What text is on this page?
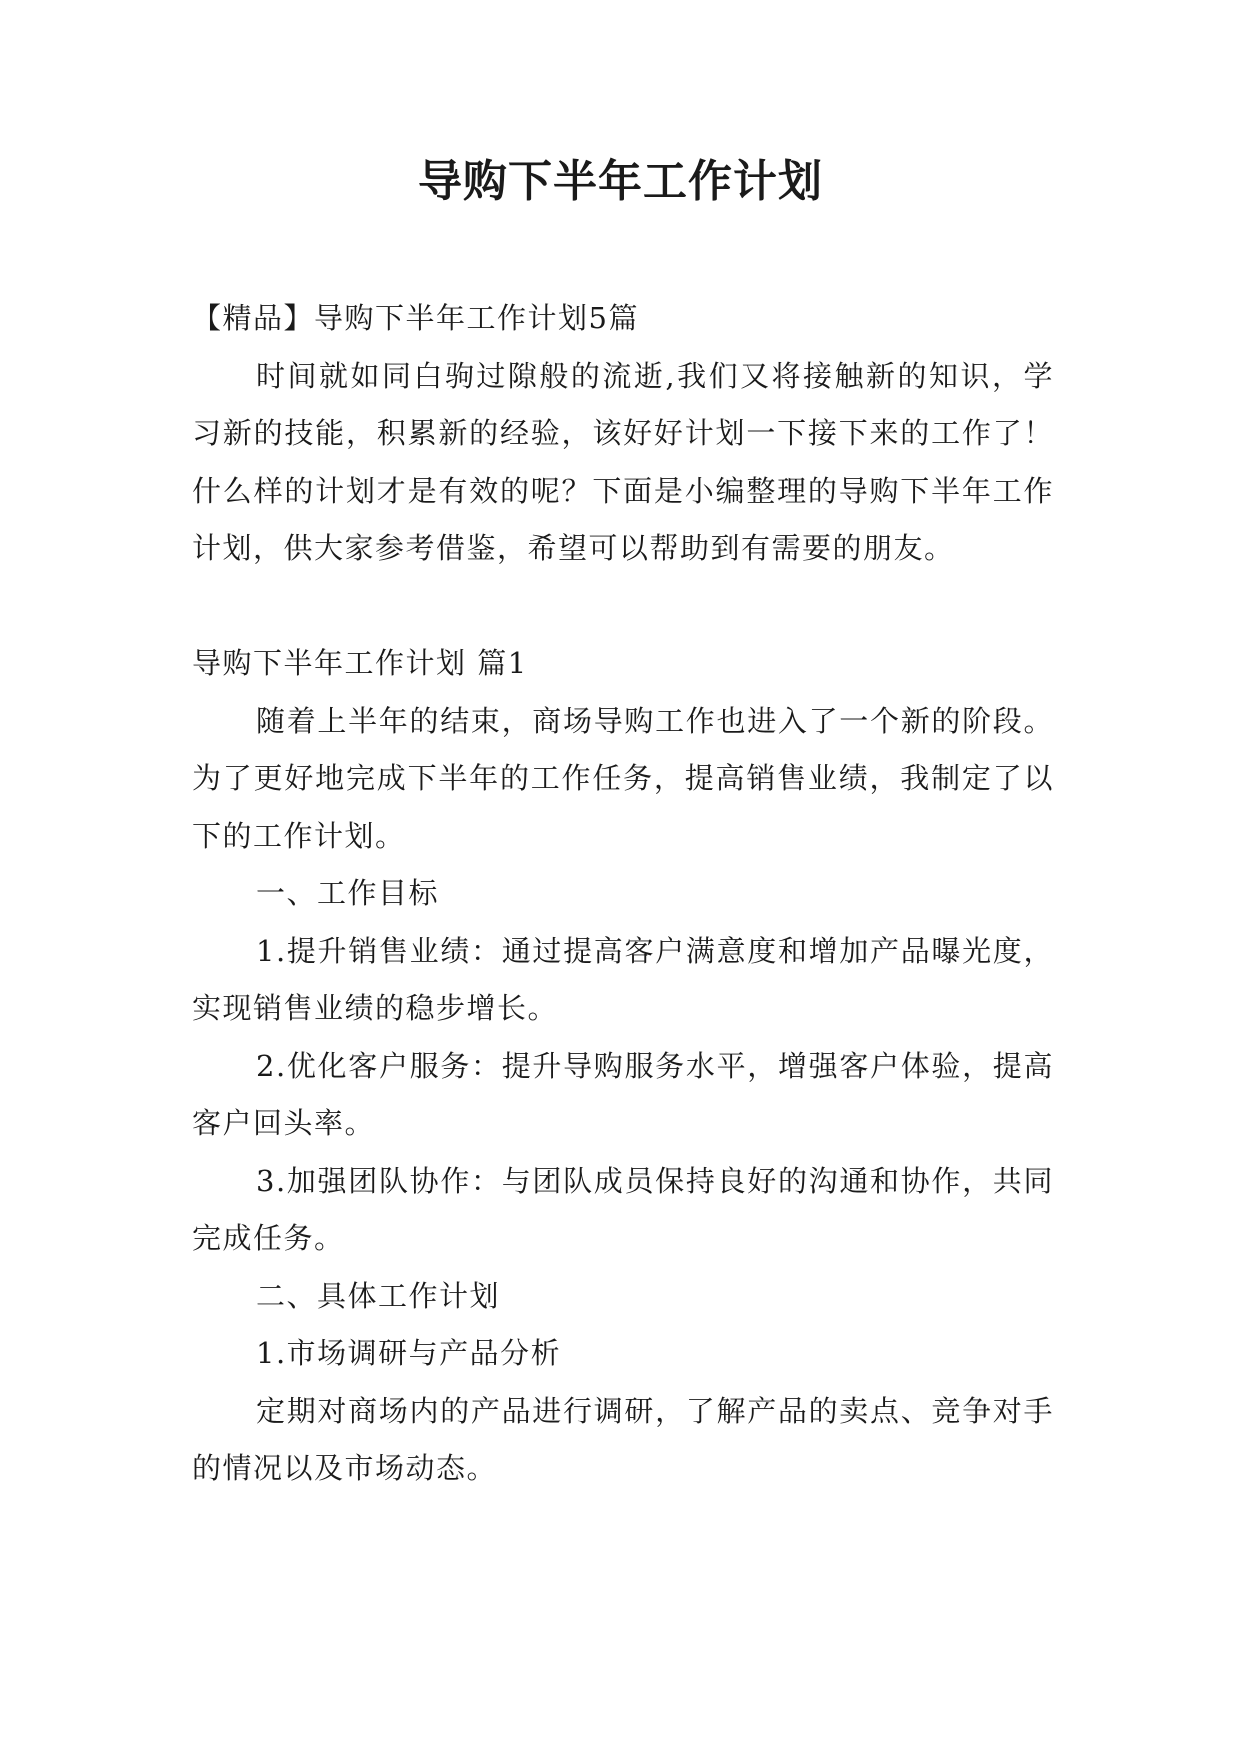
导购下半年工作计划

【精品】导购下半年工作计划5篇

时间就如同白驹过隙般的流逝,我们又将接触新的知识，学习新的技能，积累新的经验，该好好计划一下接下来的工作了！什么样的计划才是有效的呢？下面是小编整理的导购下半年工作计划，供大家参考借鉴，希望可以帮助到有需要的朋友。

导购下半年工作计划 篇1

随着上半年的结束，商场导购工作也进入了一个新的阶段。为了更好地完成下半年的工作任务，提高销售业绩，我制定了以下的工作计划。

一、工作目标

1.提升销售业绩：通过提高客户满意度和增加产品曝光度，实现销售业绩的稳步增长。

2.优化客户服务：提升导购服务水平，增强客户体验，提高客户回头率。

3.加强团队协作：与团队成员保持良好的沟通和协作，共同完成任务。

二、具体工作计划

1.市场调研与产品分析

定期对商场内的产品进行调研，了解产品的卖点、竞争对手的情况以及市场动态。
